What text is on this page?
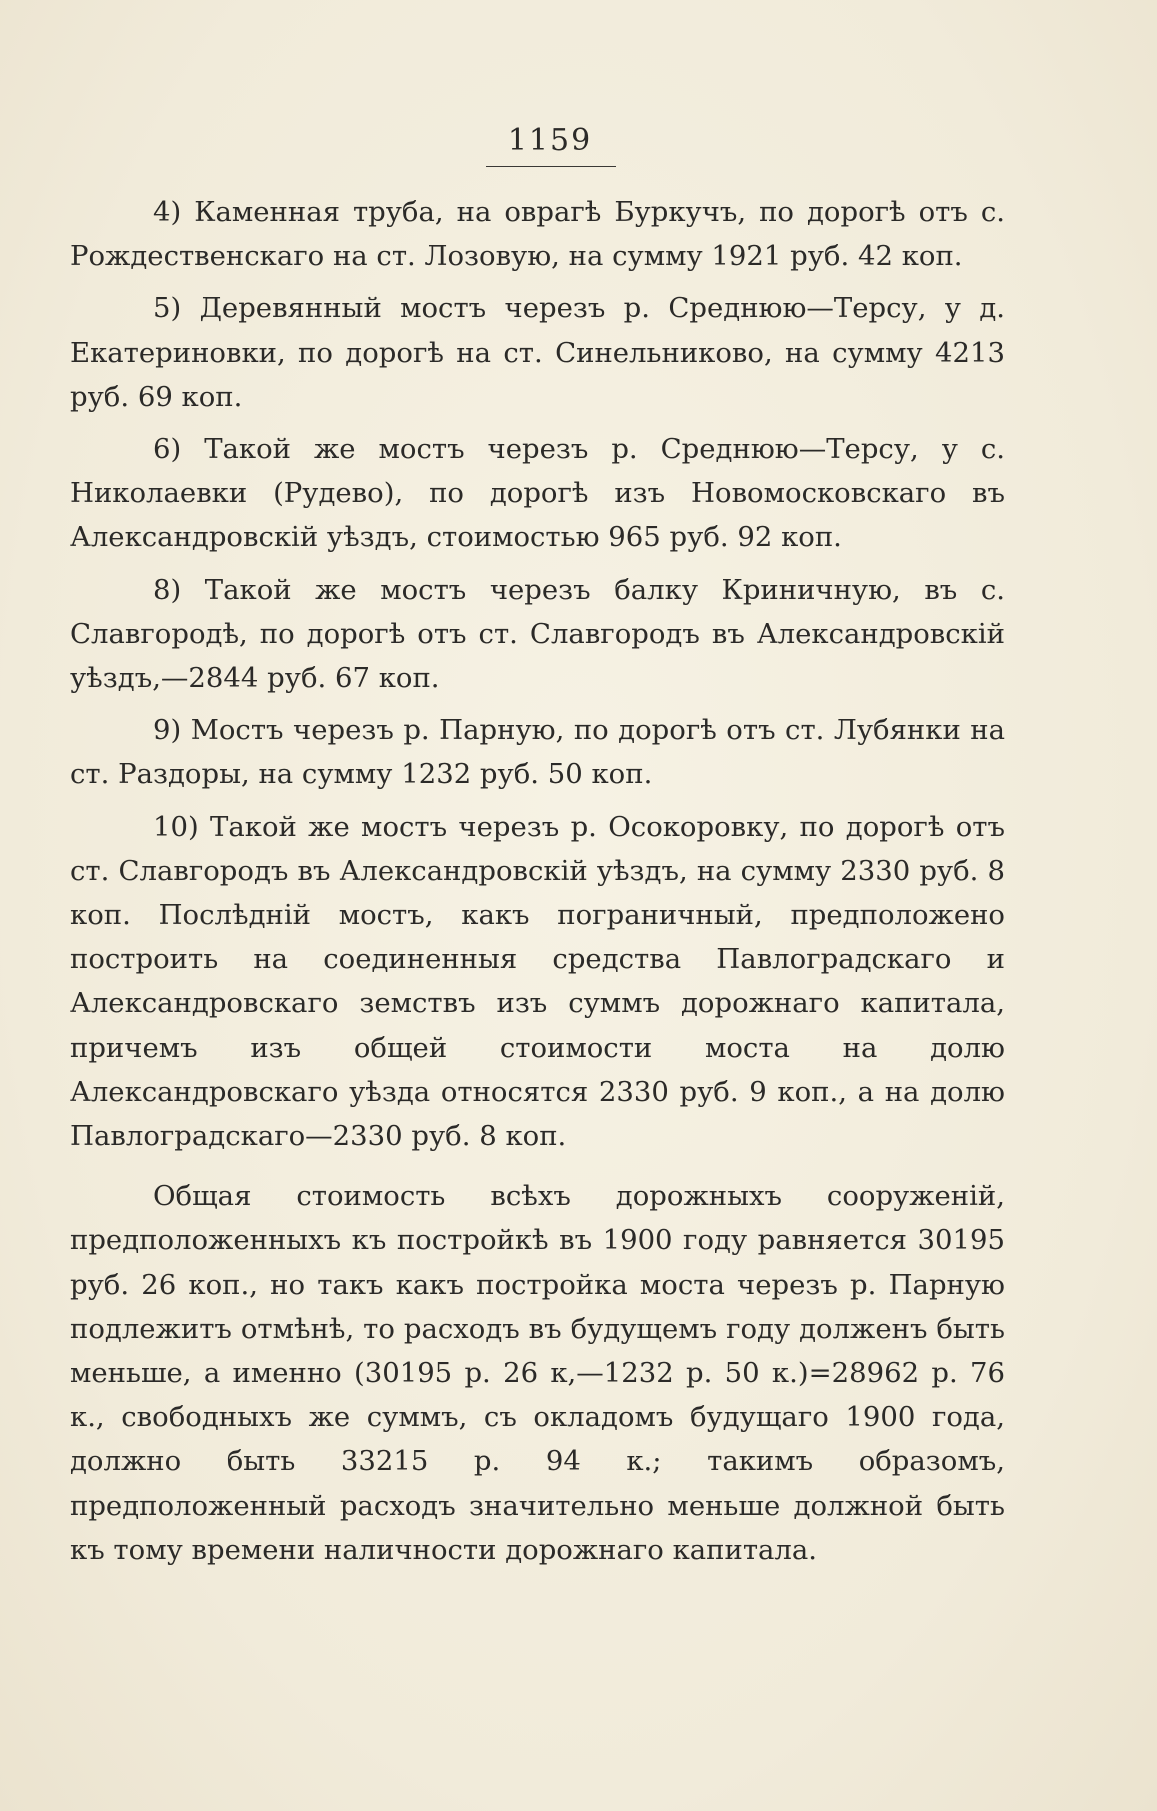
1159

4) Каменная труба, на оврагѣ Буркучъ, по дорогѣ отъ с. Рождественскаго на ст. Лозовую, на сумму 1921 руб. 42 коп.

5) Деревянный мостъ черезъ р. Среднюю—Терсу, у д. Екатериновки, по дорогѣ на ст. Синельниково, на сумму 4213 руб. 69 коп.

6) Такой же мостъ черезъ р. Среднюю—Терсу, у с. Николаевки (Рудево), по дорогѣ изъ Новомосковскаго въ Александровскій уѣздъ, стоимостью 965 руб. 92 коп.

8) Такой же мостъ черезъ балку Криничную, въ с. Славгородѣ, по дорогѣ отъ ст. Славгородъ въ Александровскій уѣздъ,—2844 руб. 67 коп.

9) Мостъ черезъ р. Парную, по дорогѣ отъ ст. Лубянки на ст. Раздоры, на сумму 1232 руб. 50 коп.

10) Такой же мостъ черезъ р. Осокоровку, по дорогѣ отъ ст. Славгородъ въ Александровскій уѣздъ, на сумму 2330 руб. 8 коп. Послѣдній мостъ, какъ пограничный, предположено построить на соединенныя средства Павлоградскаго и Александровскаго земствъ изъ суммъ дорожнаго капитала, причемъ изъ общей стоимости моста на долю Александровскаго уѣзда относятся 2330 руб. 9 коп., а на долю Павлоградскаго—2330 руб. 8 коп.

Общая стоимость всѣхъ дорожныхъ сооруженій, предположенныхъ къ постройкѣ въ 1900 году равняется 30195 руб. 26 коп., но такъ какъ постройка моста черезъ р. Парную подлежитъ отмѣнѣ, то расходъ въ будущемъ году долженъ быть меньше, а именно (30195 р. 26 к,—1232 р. 50 к.)=28962 р. 76 к., свободныхъ же суммъ, съ окладомъ будущаго 1900 года, должно быть 33215 р. 94 к.; такимъ образомъ, предположенный расходъ значительно меньше должной быть къ тому времени наличности дорожнаго капитала.
